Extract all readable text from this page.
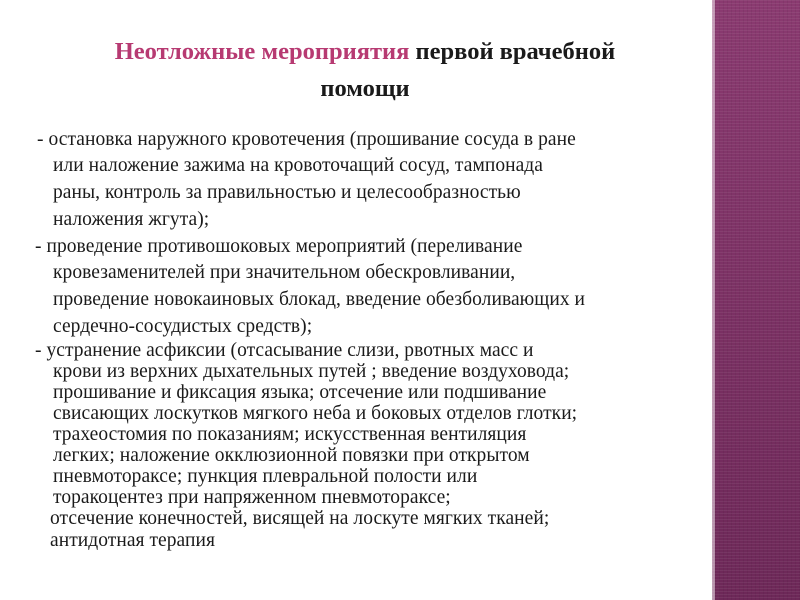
Неотложные мероприятия первой врачебной
помощи
- остановка наружного кровотечения (прошивание сосуда в ране
или наложение зажима на кровоточащий сосуд, тампонада
раны, контроль за правильностью и целесообразностью
наложения жгута);
- проведение противошоковых мероприятий (переливание
кровезаменителей при значительном обескровливании,
проведение новокаиновых блокад, введение обезболивающих и
сердечно-сосудистых средств);
- устранение асфиксии (отсасывание слизи, рвотных масс и
крови из верхних дыхательных путей ; введение воздуховода;
прошивание и фиксация языка; отсечение или подшивание
свисающих лоскутков мягкого неба и боковых отделов глотки;
трахеостомия по показаниям; искусственная вентиляция
легких; наложение окклюзионной повязки при открытом
пневмотораксе; пункция плевральной полости или
торакоцентез при напряженном пневмотораксе;
отсечение конечностей, висящей на лоскуте мягких тканей;
антидотная терапия
